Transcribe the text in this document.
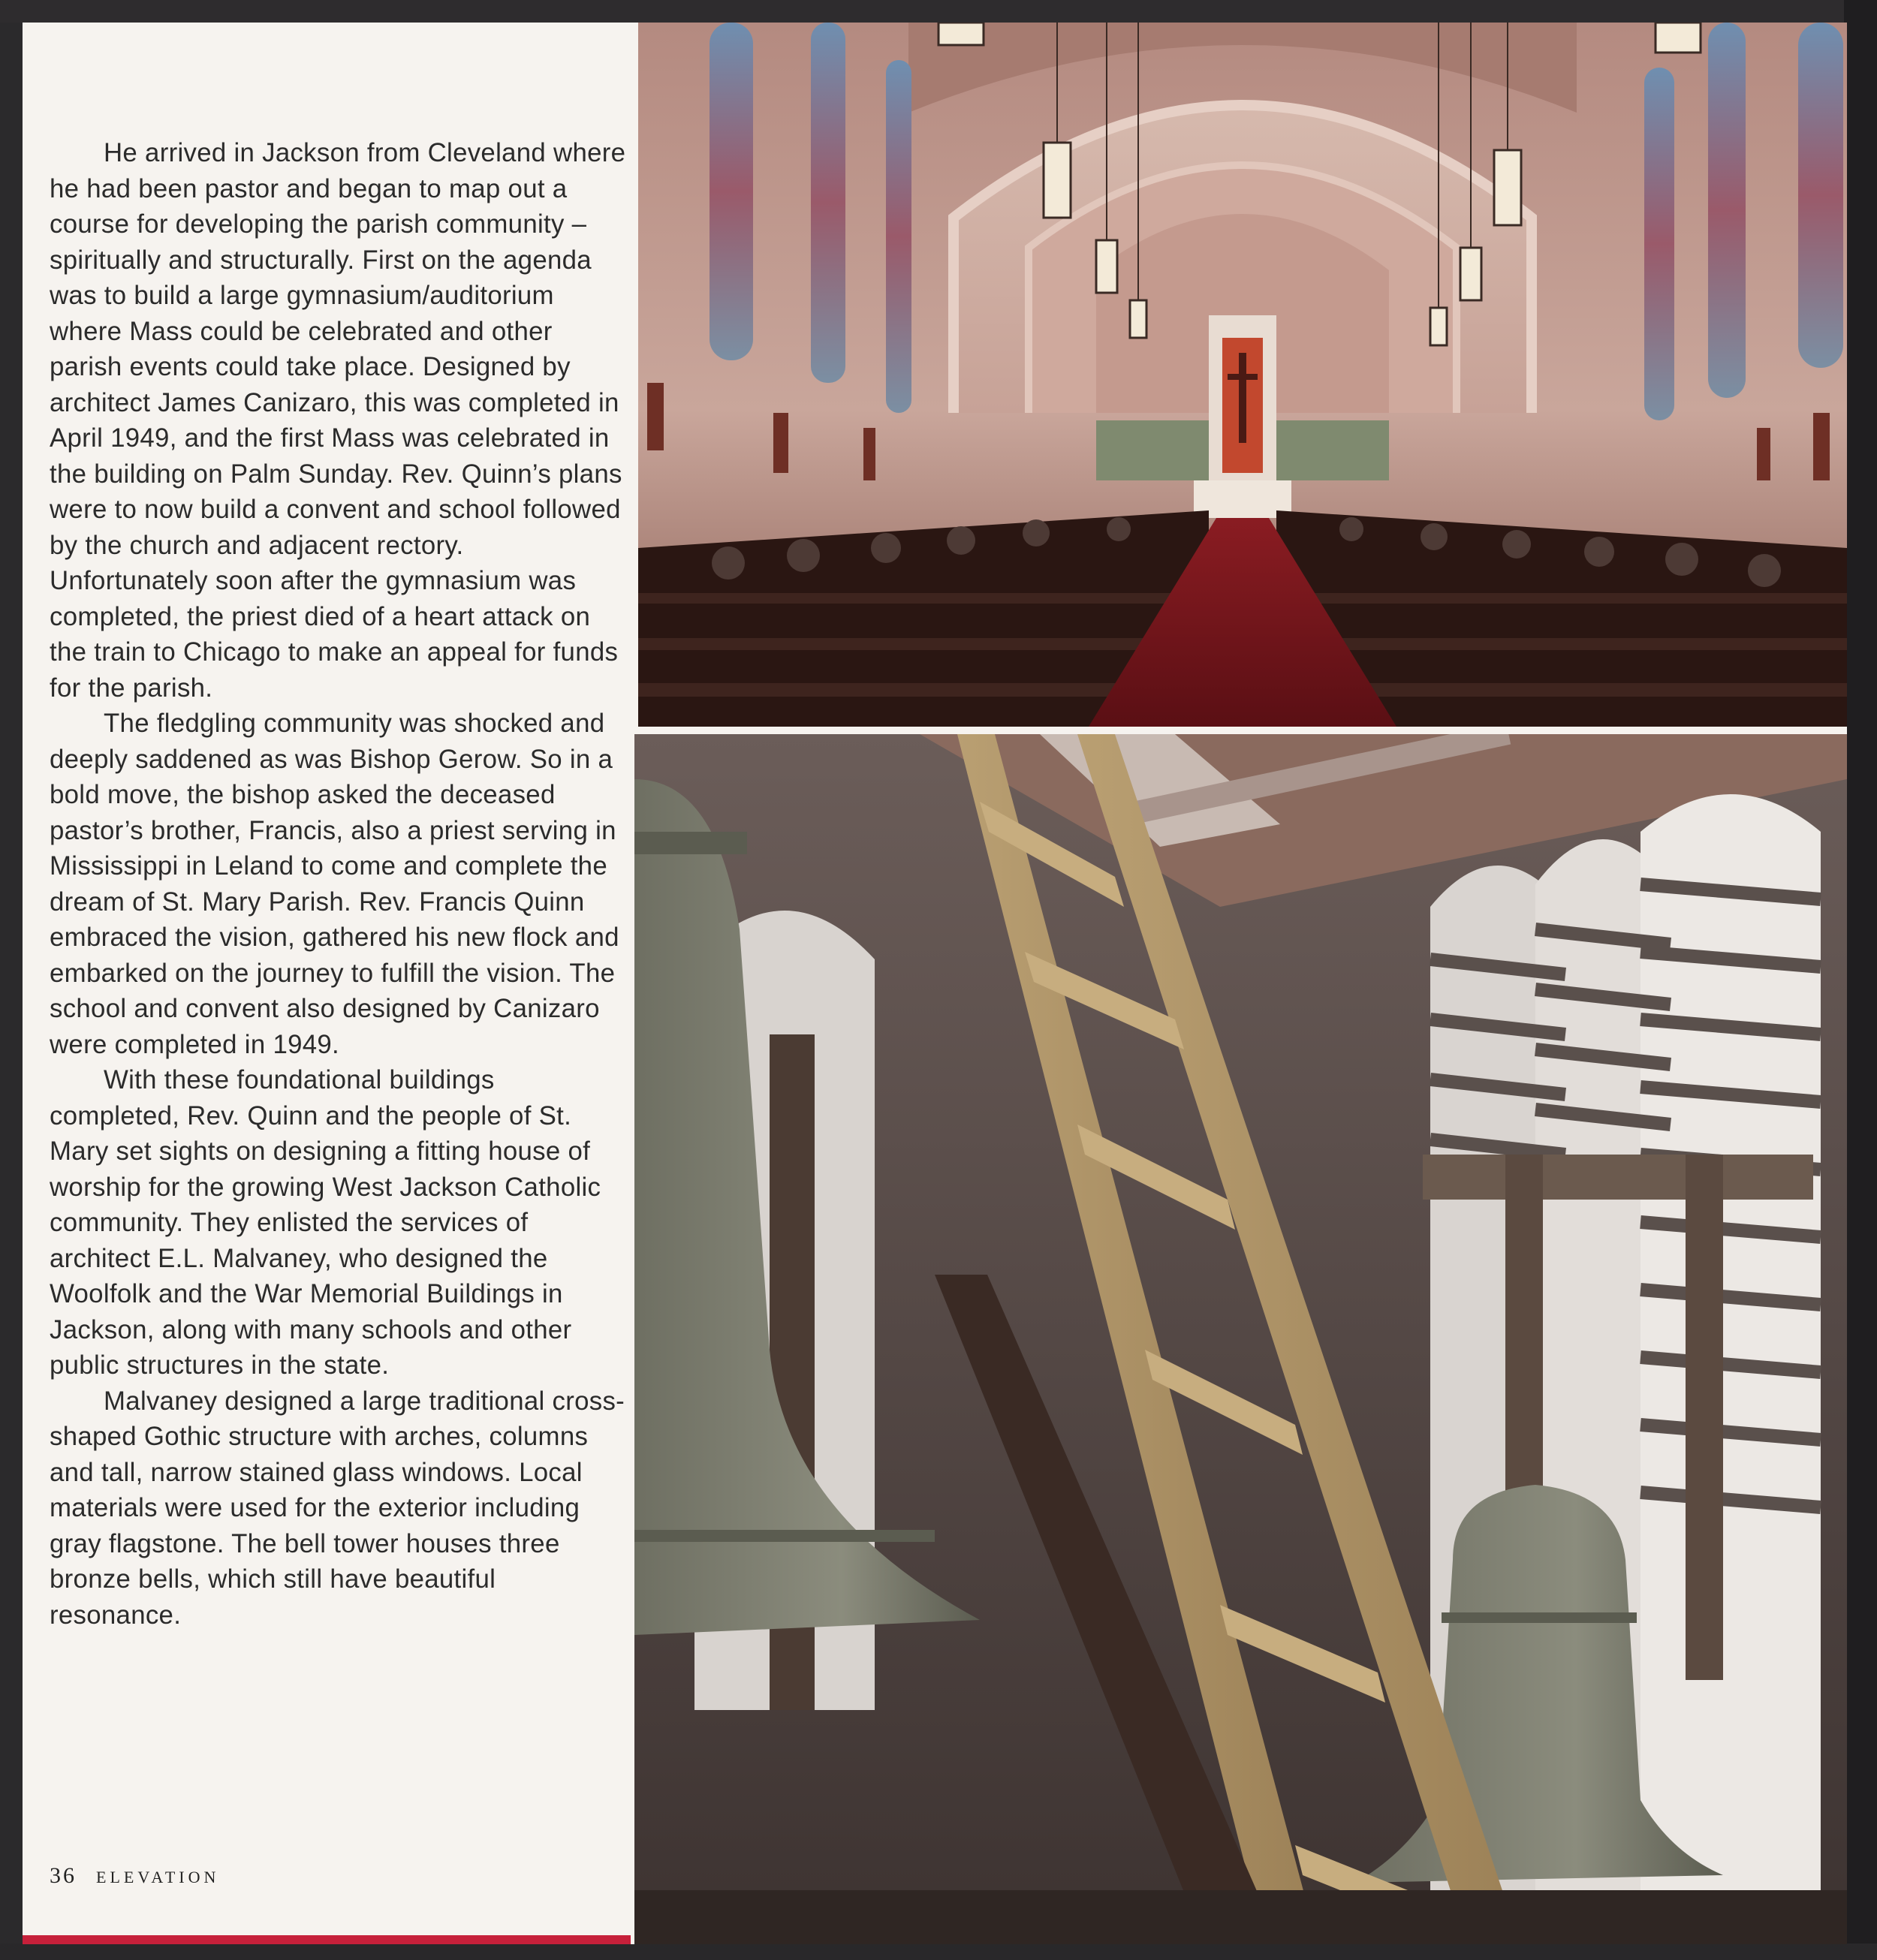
He arrived in Jackson from Cleveland where he had been pastor and began to map out a course for developing the parish community – spiritually and structurally. First on the agenda was to build a large gymnasium/auditorium where Mass could be celebrated and other parish events could take place. Designed by architect James Canizaro, this was completed in April 1949, and the first Mass was celebrated in the building on Palm Sunday. Rev. Quinn’s plans were to now build a convent and school followed by the church and adjacent rectory. Unfortunately soon after the gymnasium was completed, the priest died of a heart attack on the train to Chicago to make an appeal for funds for the parish.

The fledgling community was shocked and deeply saddened as was Bishop Gerow. So in a bold move, the bishop asked the deceased pastor’s brother, Francis, also a priest serving in Mississippi in Leland to come and complete the dream of St. Mary Parish. Rev. Francis Quinn embraced the vision, gathered his new flock and embarked on the journey to fulfill the vision. The school and convent also designed by Canizaro were completed in 1949.

With these foundational buildings completed, Rev. Quinn and the people of St. Mary set sights on designing a fitting house of worship for the growing West Jackson Catholic community. They enlisted the services of architect E.L. Malvaney, who designed the Woolfolk and the War Memorial Buildings in Jackson, along with many schools and other public structures in the state.

Malvaney designed a large traditional cross-shaped Gothic structure with arches, columns and tall, narrow stained glass windows. Local materials were used for the exterior including gray flagstone. The bell tower houses three bronze bells, which still have beautiful resonance.

36 ELEVATION
